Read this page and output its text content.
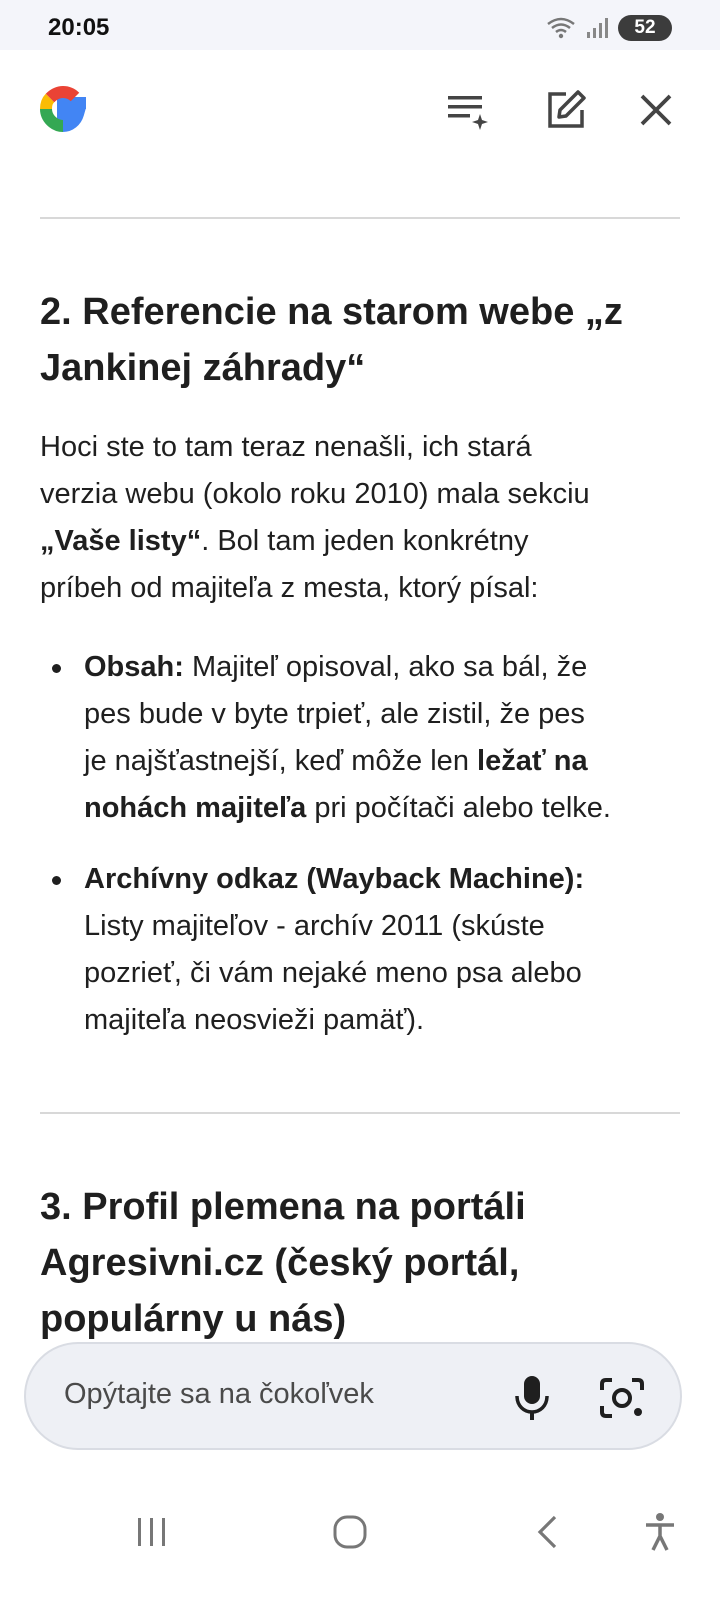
20:05	52
2. Referencie na starom webe „z
Jankinej záhrady“

Hoci ste to tam teraz nenašli, ich stará
verzia webu (okolo roku 2010) mala sekciu
„Vaše listy“. Bol tam jeden konkrétny
príbeh od majiteľa z mesta, ktorý písal:

Obsah: Majiteľ opisoval, ako sa bál, že
pes bude v byte trpieť, ale zistil, že pes
je najšťastnejší, keď môže len ležať na
nohách majiteľa pri počítači alebo telke.
Archívny odkaz (Wayback Machine):
Listy majiteľov - archív 2011 (skúste
pozrieť, či vám nejaké meno psa alebo
majiteľa neosvieži pamäť).
3. Profil plemena na portáli
Agresivni.cz (český portál,
populárny u nás)
Opýtajte sa na čokoľvek
